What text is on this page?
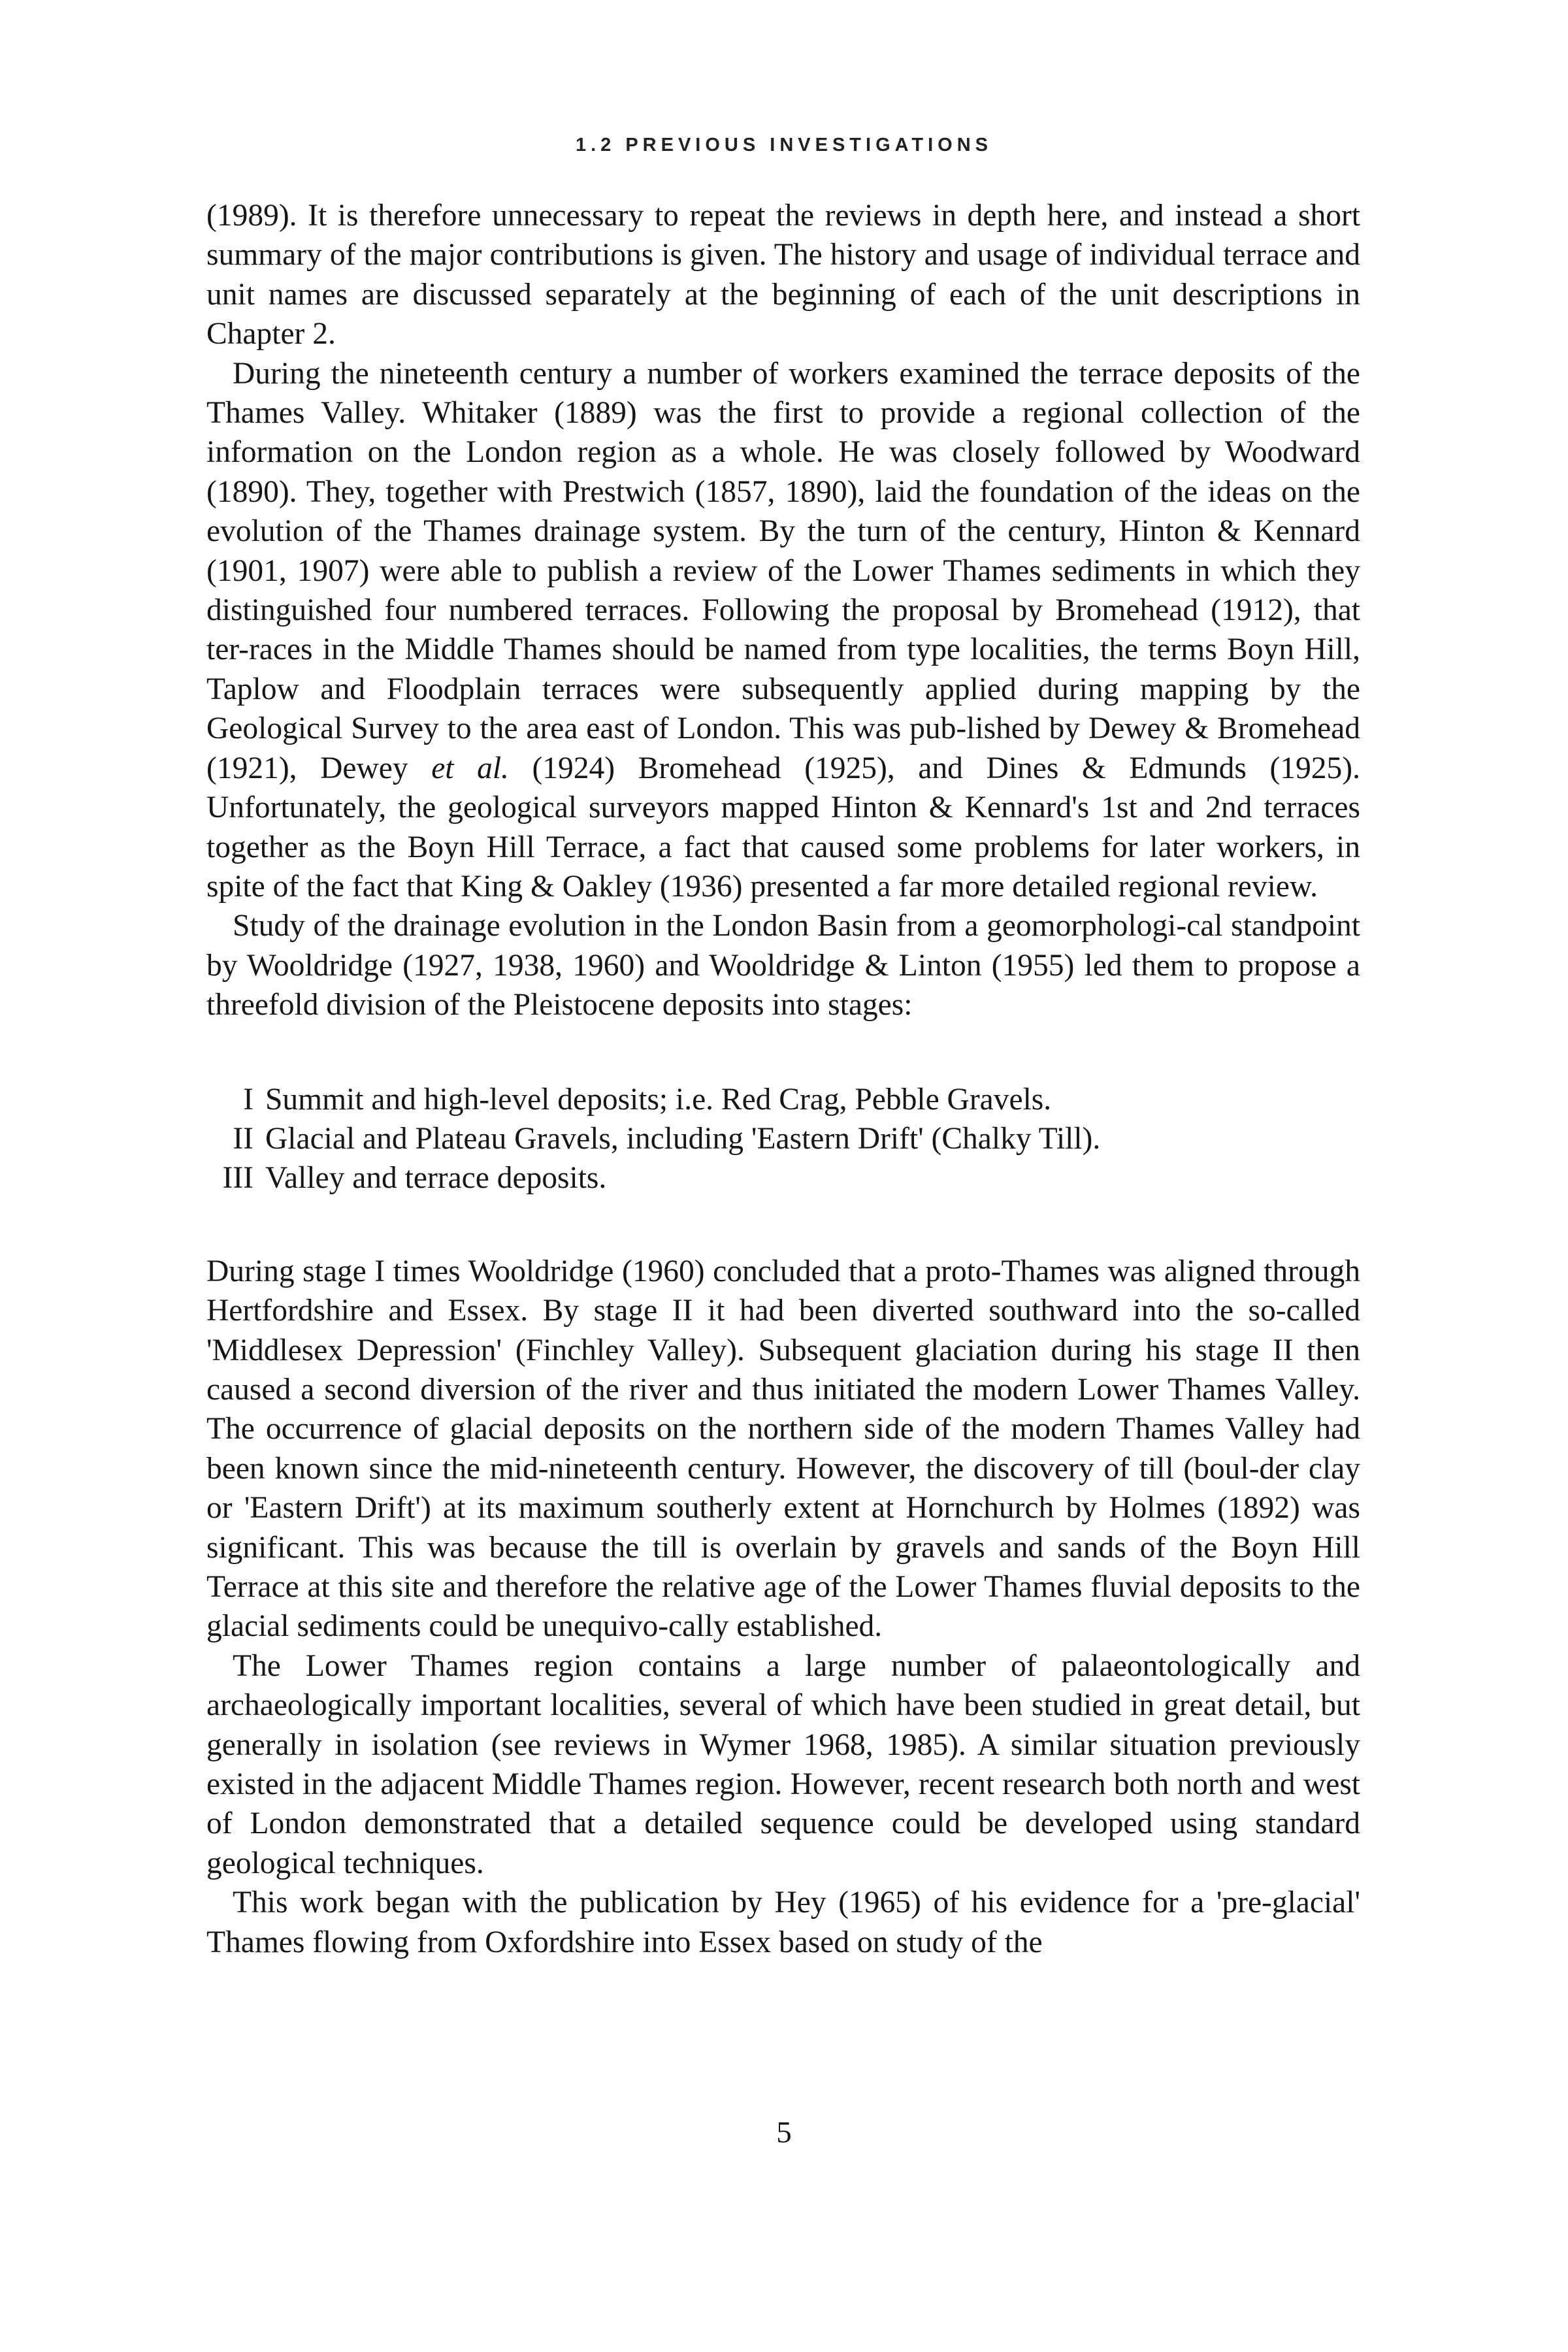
1.2 PREVIOUS INVESTIGATIONS

(1989). It is therefore unnecessary to repeat the reviews in depth here, and instead a short summary of the major contributions is given. The history and usage of individual terrace and unit names are discussed separately at the beginning of each of the unit descriptions in Chapter 2.

During the nineteenth century a number of workers examined the terrace deposits of the Thames Valley. Whitaker (1889) was the first to provide a regional collection of the information on the London region as a whole. He was closely followed by Woodward (1890). They, together with Prestwich (1857, 1890), laid the foundation of the ideas on the evolution of the Thames drainage system. By the turn of the century, Hinton & Kennard (1901, 1907) were able to publish a review of the Lower Thames sediments in which they distinguished four numbered terraces. Following the proposal by Bromehead (1912), that ter-races in the Middle Thames should be named from type localities, the terms Boyn Hill, Taplow and Floodplain terraces were subsequently applied during mapping by the Geological Survey to the area east of London. This was pub-lished by Dewey & Bromehead (1921), Dewey et al. (1924) Bromehead (1925), and Dines & Edmunds (1925). Unfortunately, the geological surveyors mapped Hinton & Kennard's 1st and 2nd terraces together as the Boyn Hill Terrace, a fact that caused some problems for later workers, in spite of the fact that King & Oakley (1936) presented a far more detailed regional review.

Study of the drainage evolution in the London Basin from a geomorphologi-cal standpoint by Wooldridge (1927, 1938, 1960) and Wooldridge & Linton (1955) led them to propose a threefold division of the Pleistocene deposits into stages:

I Summit and high-level deposits; i.e. Red Crag, Pebble Gravels.
II Glacial and Plateau Gravels, including 'Eastern Drift' (Chalky Till).
III Valley and terrace deposits.

During stage I times Wooldridge (1960) concluded that a proto-Thames was aligned through Hertfordshire and Essex. By stage II it had been diverted southward into the so-called 'Middlesex Depression' (Finchley Valley). Subsequent glaciation during his stage II then caused a second diversion of the river and thus initiated the modern Lower Thames Valley. The occurrence of glacial deposits on the northern side of the modern Thames Valley had been known since the mid-nineteenth century. However, the discovery of till (boul-der clay or 'Eastern Drift') at its maximum southerly extent at Hornchurch by Holmes (1892) was significant. This was because the till is overlain by gravels and sands of the Boyn Hill Terrace at this site and therefore the relative age of the Lower Thames fluvial deposits to the glacial sediments could be unequivo-cally established.

The Lower Thames region contains a large number of palaeontologically and archaeologically important localities, several of which have been studied in great detail, but generally in isolation (see reviews in Wymer 1968, 1985). A similar situation previously existed in the adjacent Middle Thames region. However, recent research both north and west of London demonstrated that a detailed sequence could be developed using standard geological techniques.

This work began with the publication by Hey (1965) of his evidence for a 'pre-glacial' Thames flowing from Oxfordshire into Essex based on study of the

5
